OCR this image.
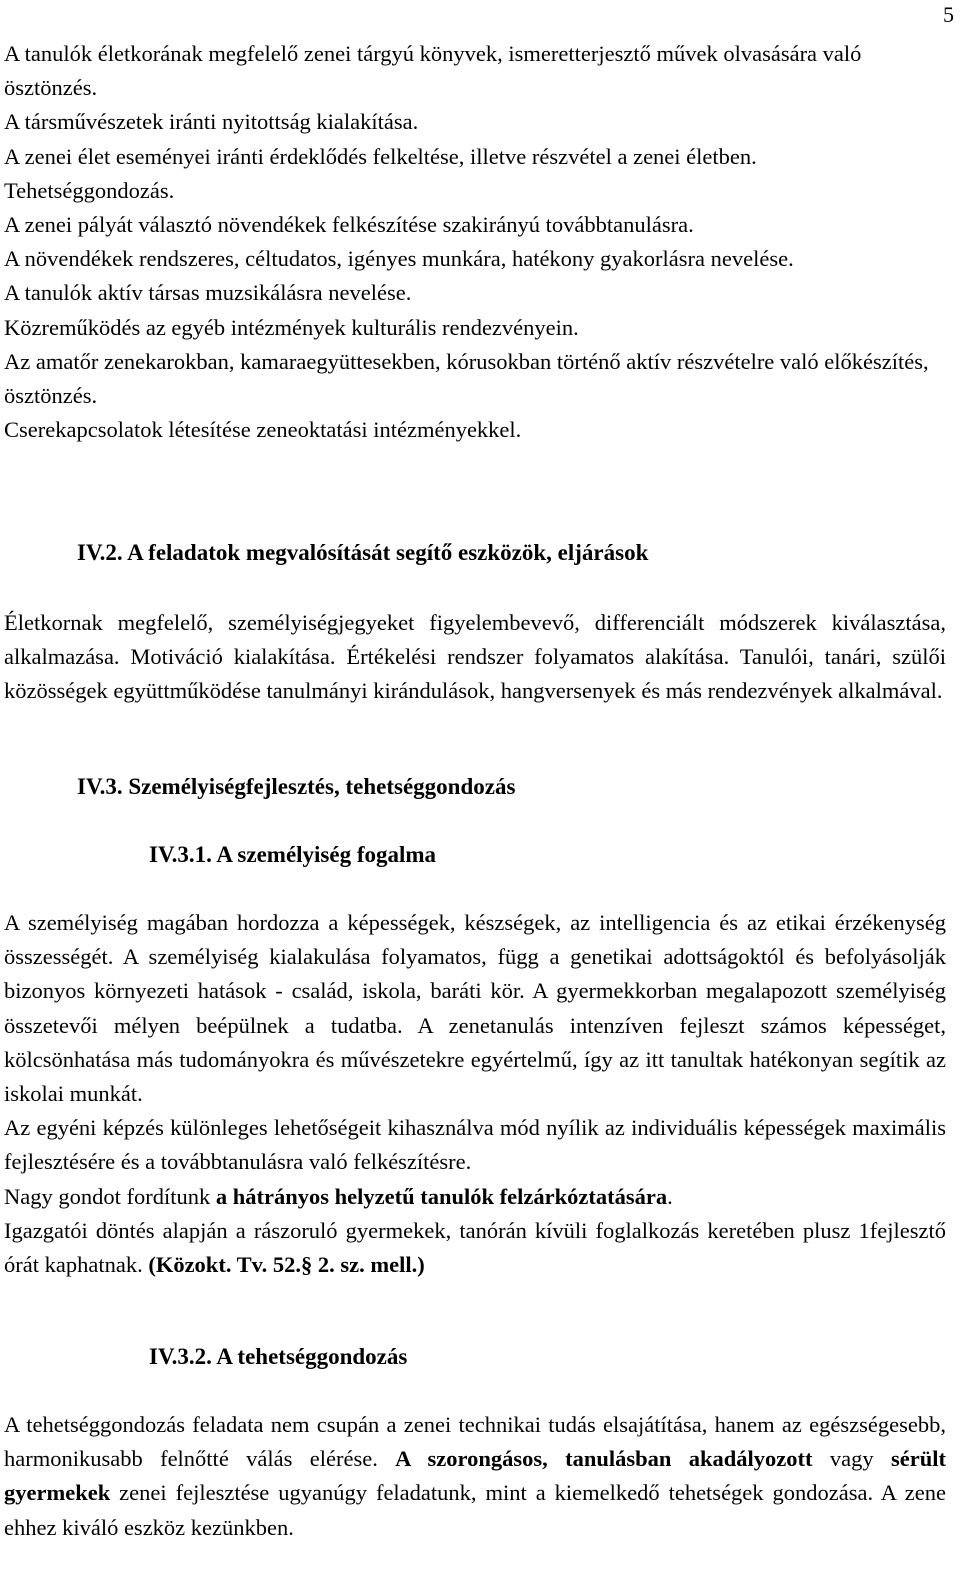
5

A tanulók életkorának megfelelő zenei tárgyú könyvek, ismeretterjesztő művek olvasására való ösztönzés.

A társművészetek iránti nyitottság kialakítása.

A zenei élet eseményei iránti érdeklődés felkeltése, illetve részvétel a zenei életben.

Tehetséggondozás.

A zenei pályát választó növendékek felkészítése szakirányú továbbtanulásra.

A növendékek rendszeres, céltudatos, igényes munkára, hatékony gyakorlásra nevelése.

A tanulók aktív társas muzsikálásra nevelése.

Közreműködés az egyéb intézmények kulturális rendezvényein.

Az amatőr zenekarokban, kamaraegyüttesekben, kórusokban történő aktív részvételre való előkészítés, ösztönzés.

Cserekapcsolatok létesítése zeneoktatási intézményekkel.

IV.2. A feladatok megvalósítását segítő eszközök, eljárások

Életkornak megfelelő, személyiségjegyeket figyelembevevő, differenciált módszerek kiválasztása, alkalmazása. Motiváció kialakítása. Értékelési rendszer folyamatos alakítása. Tanulói, tanári, szülői közösségek együttműködése tanulmányi kirándulások, hangversenyek és más rendezvények alkalmával.

IV.3. Személyiségfejlesztés, tehetséggondozás
IV.3.1. A személyiség fogalma

A személyiség magában hordozza a képességek, készségek, az intelligencia és az etikai érzékenység összességét. A személyiség kialakulása folyamatos, függ a genetikai adottságoktól és befolyásolják bizonyos környezeti hatások - család, iskola, baráti kör. A gyermekkorban megalapozott személyiség összetevői mélyen beépülnek a tudatba. A zenetanulás intenzíven fejleszt számos képességet, kölcsönhatása más tudományokra és művészetekre egyértelmű, így az itt tanultak hatékonyan segítik az iskolai munkát.

Az egyéni képzés különleges lehetőségeit kihasználva mód nyílik az individuális képességek maximális fejlesztésére és a továbbtanulásra való felkészítésre.

Nagy gondot fordítunk a hátrányos helyzetű tanulók felzárkóztatására.

Igazgatói döntés alapján a rászoruló gyermekek, tanórán kívüli foglalkozás keretében plusz 1fejlesztő órát kaphatnak. (Közokt. Tv. 52.§ 2. sz. mell.)

IV.3.2. A tehetséggondozás

A tehetséggondozás feladata nem csupán a zenei technikai tudás elsajátítása, hanem az egészségesebb, harmonikusabb felnőtté válás elérése. A szorongásos, tanulásban akadályozott vagy sérült gyermekek zenei fejlesztése ugyanúgy feladatunk, mint a kiemelkedő tehetségek gondozása. A zene ehhez kiváló eszköz kezünkben.
